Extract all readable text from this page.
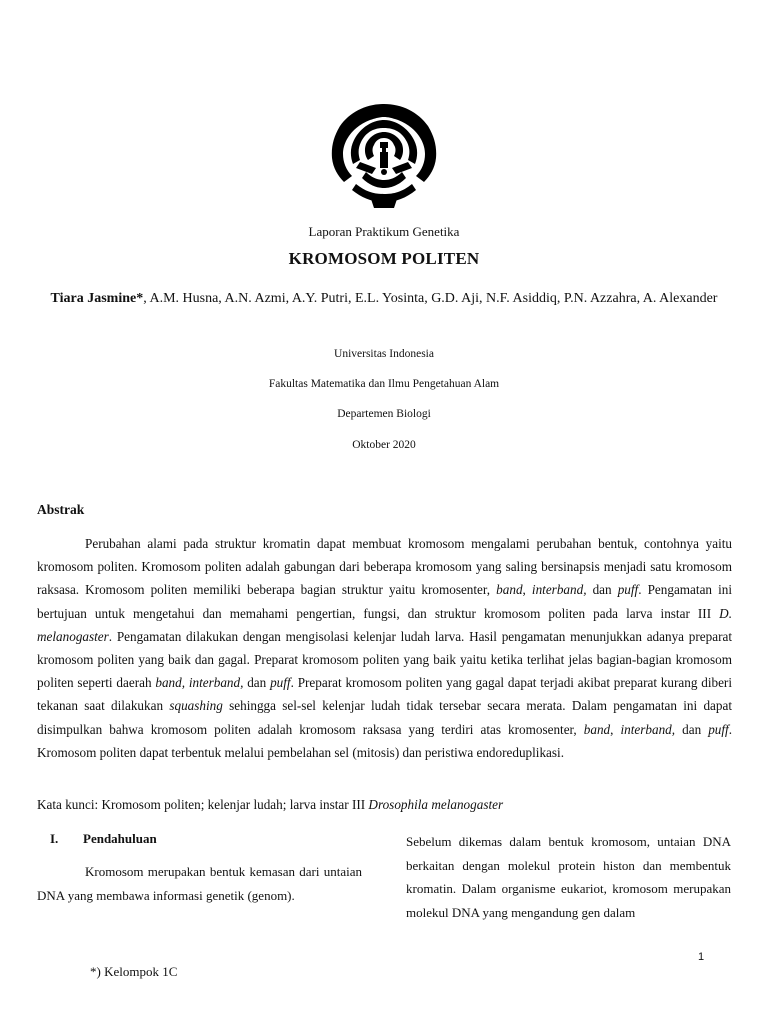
Laporan Praktikum Genetika
KROMOSOM POLITEN
Tiara Jasmine*, A.M. Husna, A.N. Azmi, A.Y. Putri, E.L. Yosinta, G.D. Aji, N.F. Asiddiq, P.N. Azzahra, A. Alexander
Universitas Indonesia
Fakultas Matematika dan Ilmu Pengetahuan Alam
Departemen Biologi
Oktober 2020
Abstrak
Perubahan alami pada struktur kromatin dapat membuat kromosom mengalami perubahan bentuk, contohnya yaitu kromosom politen. Kromosom politen adalah gabungan dari beberapa kromosom yang saling bersinapsis menjadi satu kromosom raksasa. Kromosom politen memiliki beberapa bagian struktur yaitu kromosenter, band, interband, dan puff. Pengamatan ini bertujuan untuk mengetahui dan memahami pengertian, fungsi, dan struktur kromosom politen pada larva instar III D. melanogaster. Pengamatan dilakukan dengan mengisolasi kelenjar ludah larva. Hasil pengamatan menunjukkan adanya preparat kromosom politen yang baik dan gagal. Preparat kromosom politen yang baik yaitu ketika terlihat jelas bagian-bagian kromosom politen seperti daerah band, interband, dan puff. Preparat kromosom politen yang gagal dapat terjadi akibat preparat kurang diberi tekanan saat dilakukan squashing sehingga sel-sel kelenjar ludah tidak tersebar secara merata. Dalam pengamatan ini dapat disimpulkan bahwa kromosom politen adalah kromosom raksasa yang terdiri atas kromosenter, band, interband, dan puff. Kromosom politen dapat terbentuk melalui pembelahan sel (mitosis) dan peristiwa endoreduplikasi.
Kata kunci: Kromosom politen; kelenjar ludah; larva instar III Drosophila melanogaster
I. Pendahuluan
Kromosom merupakan bentuk kemasan dari untaian DNA yang membawa informasi genetik (genom).
Sebelum dikemas dalam bentuk kromosom, untaian DNA berkaitan dengan molekul protein histon dan membentuk kromatin. Dalam organisme eukariot, kromosom merupakan molekul DNA yang mengandung gen dalam
1
*) Kelompok 1C
